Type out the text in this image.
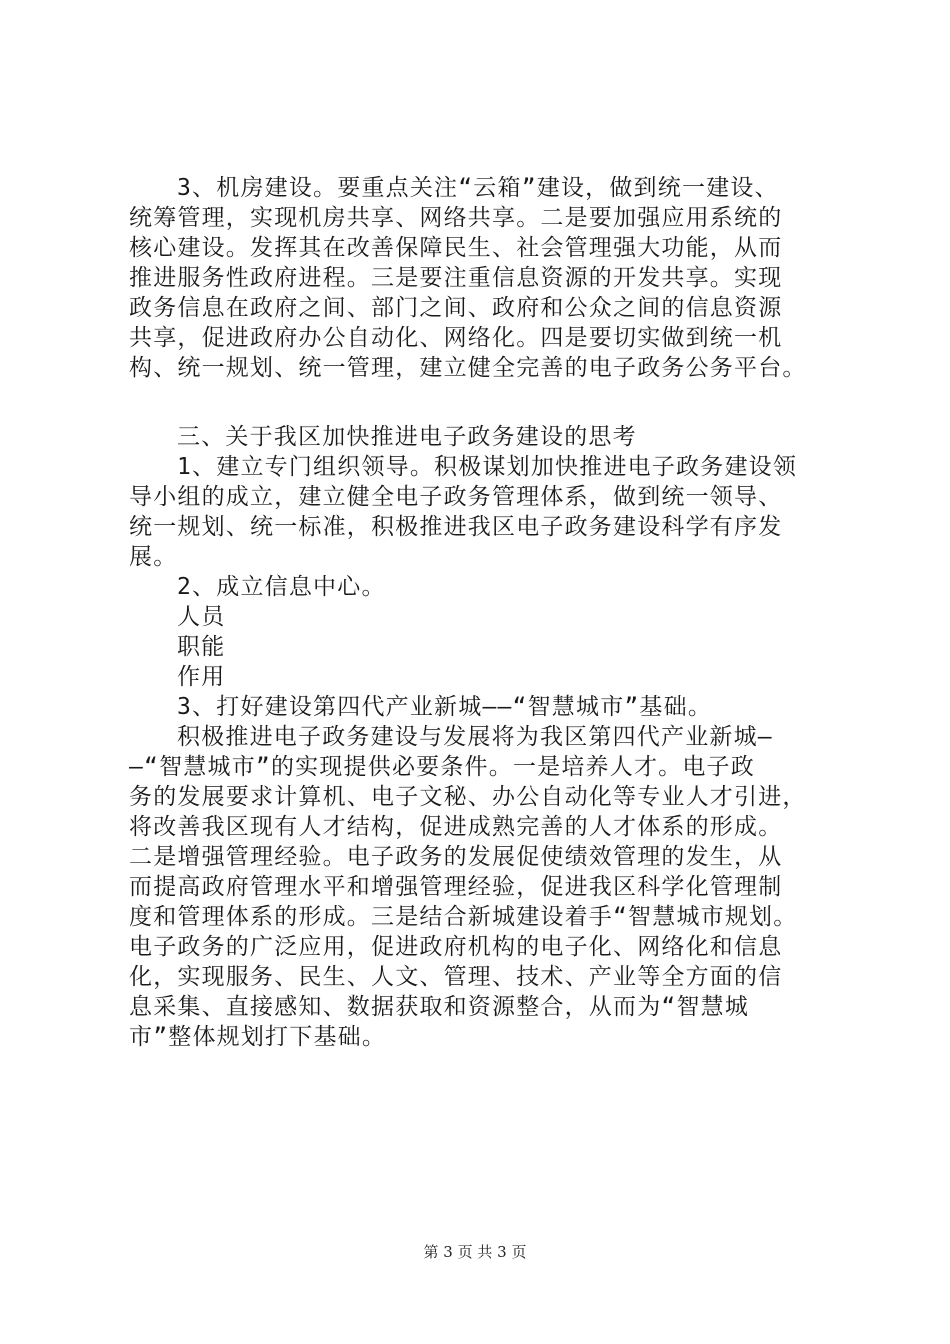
3、机房建设。要重点关注“云箱”建设，做到统一建设、
统筹管理，实现机房共享、网络共享。二是要加强应用系统的
核心建设。发挥其在改善保障民生、社会管理强大功能，从而
推进服务性政府进程。三是要注重信息资源的开发共享。实现
政务信息在政府之间、部门之间、政府和公众之间的信息资源
共享，促进政府办公自动化、网络化。四是要切实做到统一机
构、统一规划、统一管理，建立健全完善的电子政务公务平台。
三、关于我区加快推进电子政务建设的思考
1、建立专门组织领导。积极谋划加快推进电子政务建设领
导小组的成立，建立健全电子政务管理体系，做到统一领导、
统一规划、统一标准，积极推进我区电子政务建设科学有序发
展。
2、成立信息中心。
人员
职能
作用
3、打好建设第四代产业新城——“智慧城市”基础。
积极推进电子政务建设与发展将为我区第四代产业新城—
—“智慧城市”的实现提供必要条件。一是培养人才。电子政
务的发展要求计算机、电子文秘、办公自动化等专业人才引进，
将改善我区现有人才结构，促进成熟完善的人才体系的形成。
二是增强管理经验。电子政务的发展促使绩效管理的发生，从
而提高政府管理水平和增强管理经验，促进我区科学化管理制
度和管理体系的形成。三是结合新城建设着手“智慧城市规划。
电子政务的广泛应用，促进政府机构的电子化、网络化和信息
化，实现服务、民生、人文、管理、技术、产业等全方面的信
息采集、直接感知、数据获取和资源整合，从而为“智慧城
市”整体规划打下基础。
第 3 页 共 3 页
